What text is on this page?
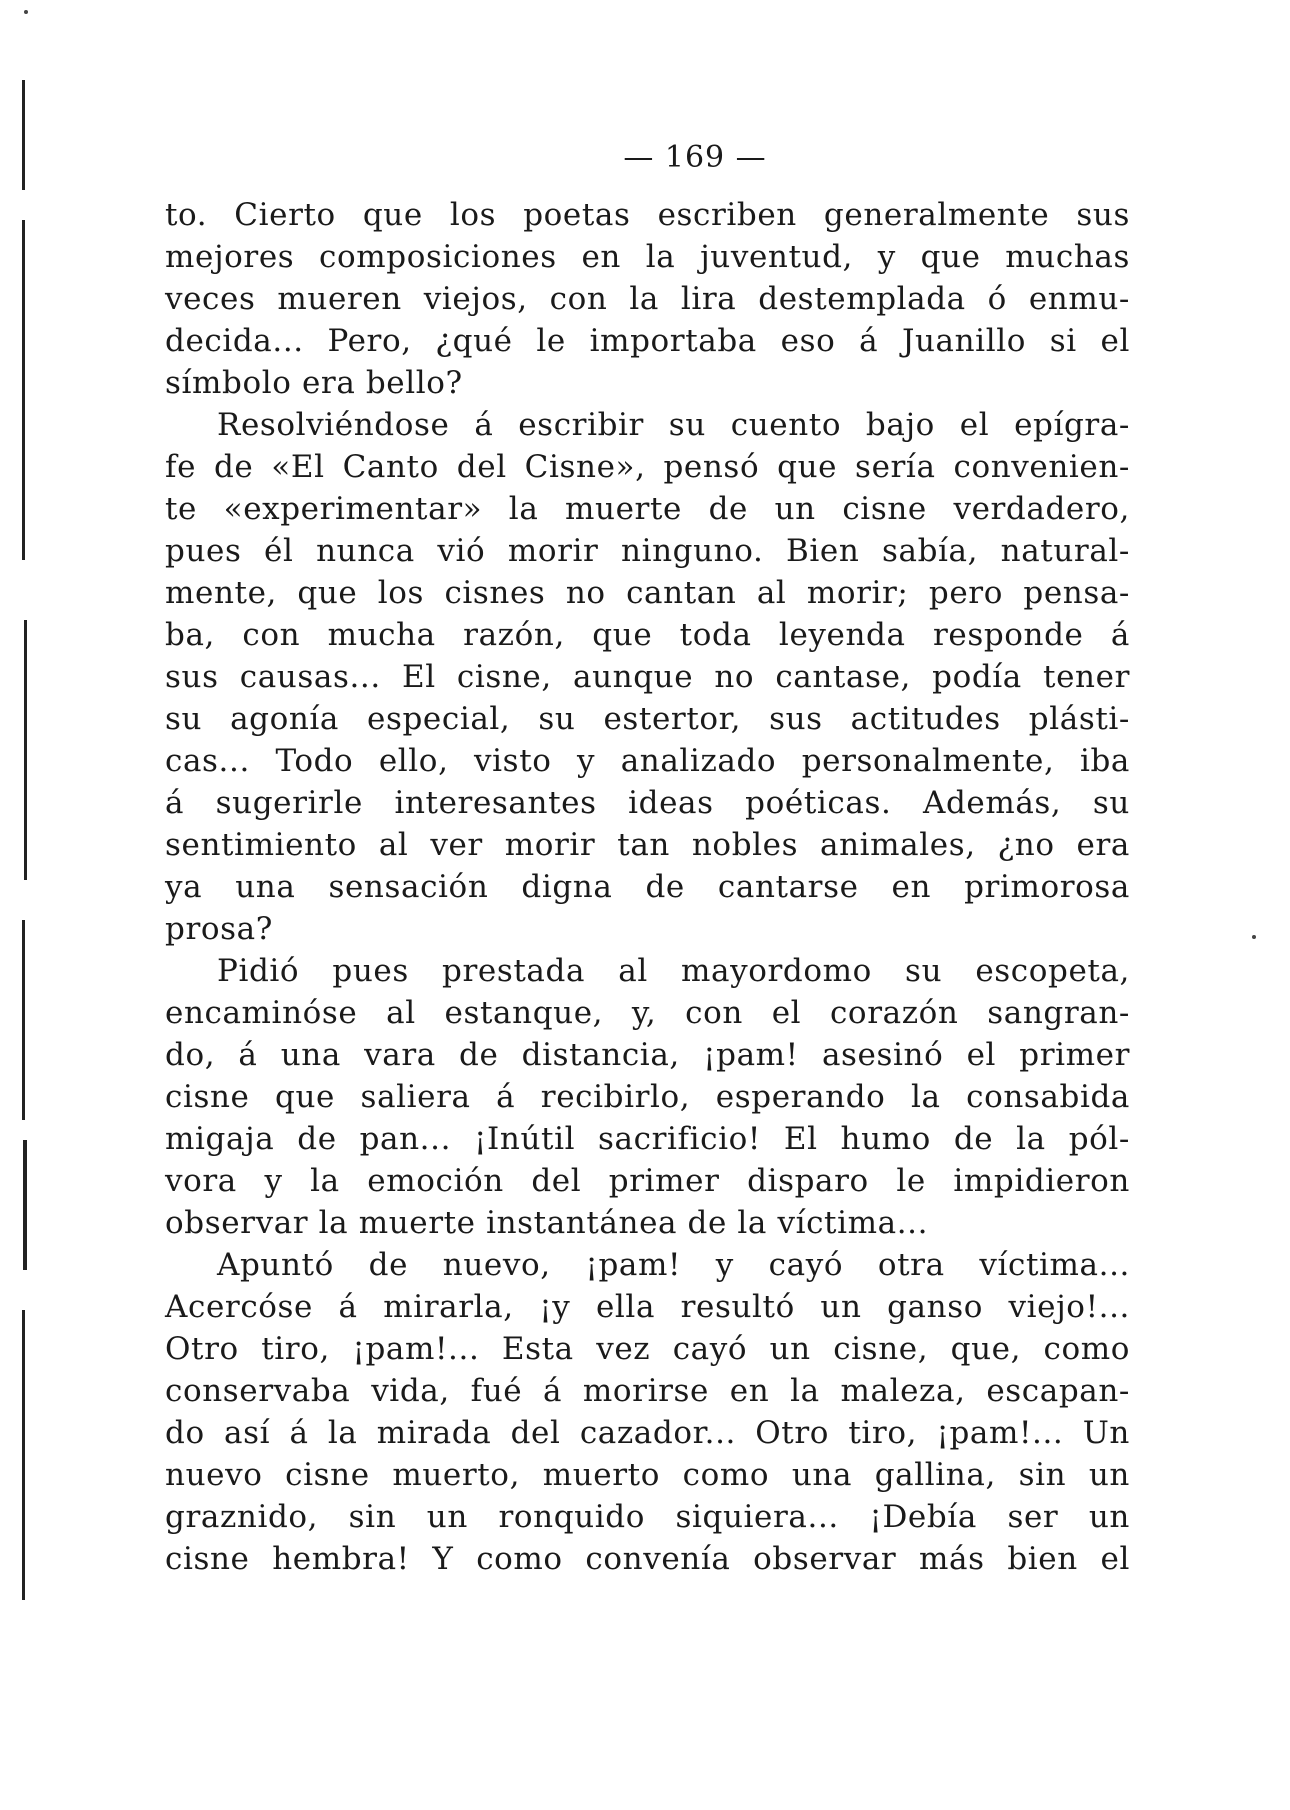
— 169 —
to. Cierto que los poetas escriben generalmente sus
mejores composiciones en la juventud, y que muchas
veces mueren viejos, con la lira destemplada ó enmu-
decida... Pero, ¿qué le importaba eso á Juanillo si el
símbolo era bello?
Resolviéndose á escribir su cuento bajo el epígra-
fe de «El Canto del Cisne», pensó que sería convenien-
te «experimentar» la muerte de un cisne verdadero,
pues él nunca vió morir ninguno. Bien sabía, natural-
mente, que los cisnes no cantan al morir; pero pensa-
ba, con mucha razón, que toda leyenda responde á
sus causas... El cisne, aunque no cantase, podía tener
su agonía especial, su estertor, sus actitudes plásti-
cas... Todo ello, visto y analizado personalmente, iba
á sugerirle interesantes ideas poéticas. Además, su
sentimiento al ver morir tan nobles animales, ¿no era
ya una sensación digna de cantarse en primorosa
prosa?
Pidió pues prestada al mayordomo su escopeta,
encaminóse al estanque, y, con el corazón sangran-
do, á una vara de distancia, ¡pam! asesinó el primer
cisne que saliera á recibirlo, esperando la consabida
migaja de pan... ¡Inútil sacrificio! El humo de la pól-
vora y la emoción del primer disparo le impidieron
observar la muerte instantánea de la víctima...
Apuntó de nuevo, ¡pam! y cayó otra víctima...
Acercóse á mirarla, ¡y ella resultó un ganso viejo!...
Otro tiro, ¡pam!... Esta vez cayó un cisne, que, como
conservaba vida, fué á morirse en la maleza, escapan-
do así á la mirada del cazador... Otro tiro, ¡pam!... Un
nuevo cisne muerto, muerto como una gallina, sin un
graznido, sin un ronquido siquiera... ¡Debía ser un
cisne hembra! Y como convenía observar más bien el
